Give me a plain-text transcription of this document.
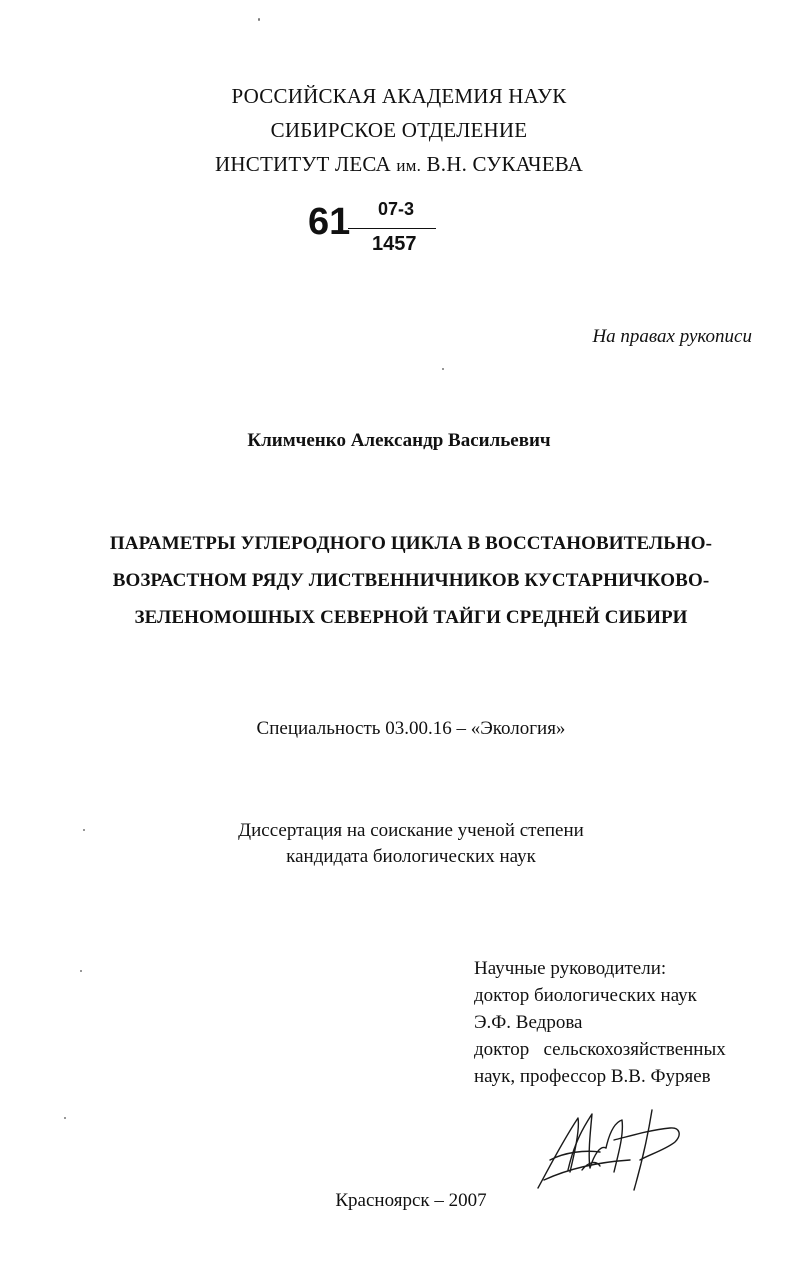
РОССИЙСКАЯ АКАДЕМИЯ НАУК
СИБИРСКОЕ ОТДЕЛЕНИЕ
ИНСТИТУТ ЛЕСА им. В.Н. СУКАЧЕВА
61 07-3
1457
На правах рукописи
Климченко Александр Васильевич
ПАРАМЕТРЫ УГЛЕРОДНОГО ЦИКЛА В ВОССТАНОВИТЕЛЬНО-
ВОЗРАСТНОМ РЯДУ ЛИСТВЕННИЧНИКОВ КУСТАРНИЧКОВО-
ЗЕЛЕНОМОШНЫХ СЕВЕРНОЙ ТАЙГИ СРЕДНЕЙ СИБИРИ
Специальность 03.00.16 – «Экология»
Диссертация на соискание ученой степени
кандидата биологических наук
Научные руководители:
доктор биологических наук
Э.Ф. Ведрова
доктор   сельскохозяйственных
наук, профессор В.В. Фуряев
Красноярск – 2007
